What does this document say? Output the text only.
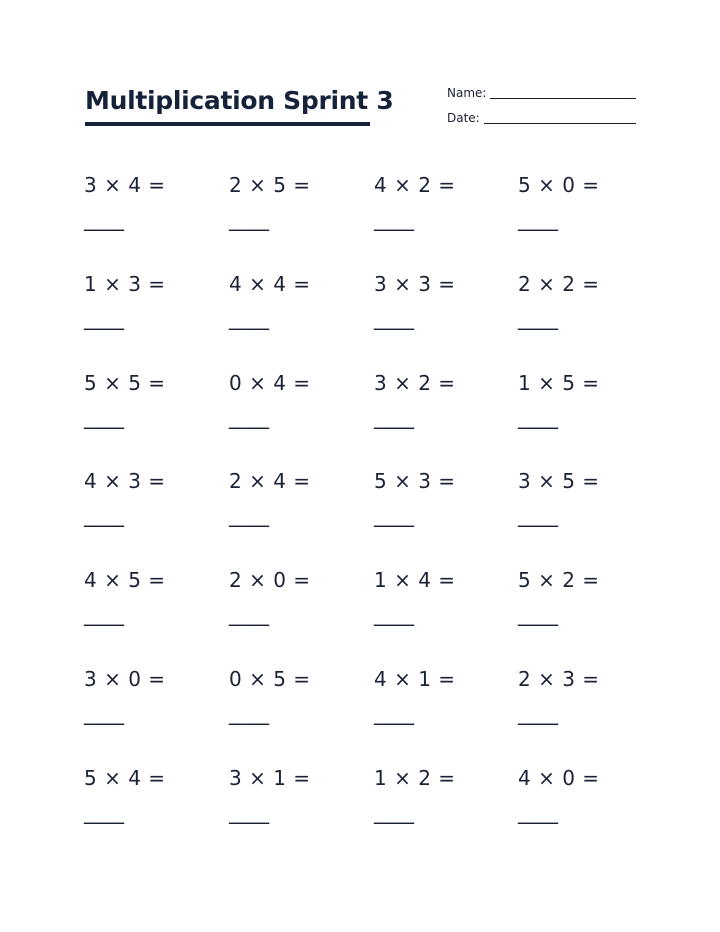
Multiplication Sprint 3	Name:
Date:
3 × 4 = ____
2 × 5 = ____
4 × 2 = ____
5 × 0 = ____
1 × 3 = ____
4 × 4 = ____
3 × 3 = ____
2 × 2 = ____
5 × 5 = ____
0 × 4 = ____
3 × 2 = ____
1 × 5 = ____
4 × 3 = ____
2 × 4 = ____
5 × 3 = ____
3 × 5 = ____
4 × 5 = ____
2 × 0 = ____
1 × 4 = ____
5 × 2 = ____
3 × 0 = ____
0 × 5 = ____
4 × 1 = ____
2 × 3 = ____
5 × 4 = ____
3 × 1 = ____
1 × 2 = ____
4 × 0 = ____
